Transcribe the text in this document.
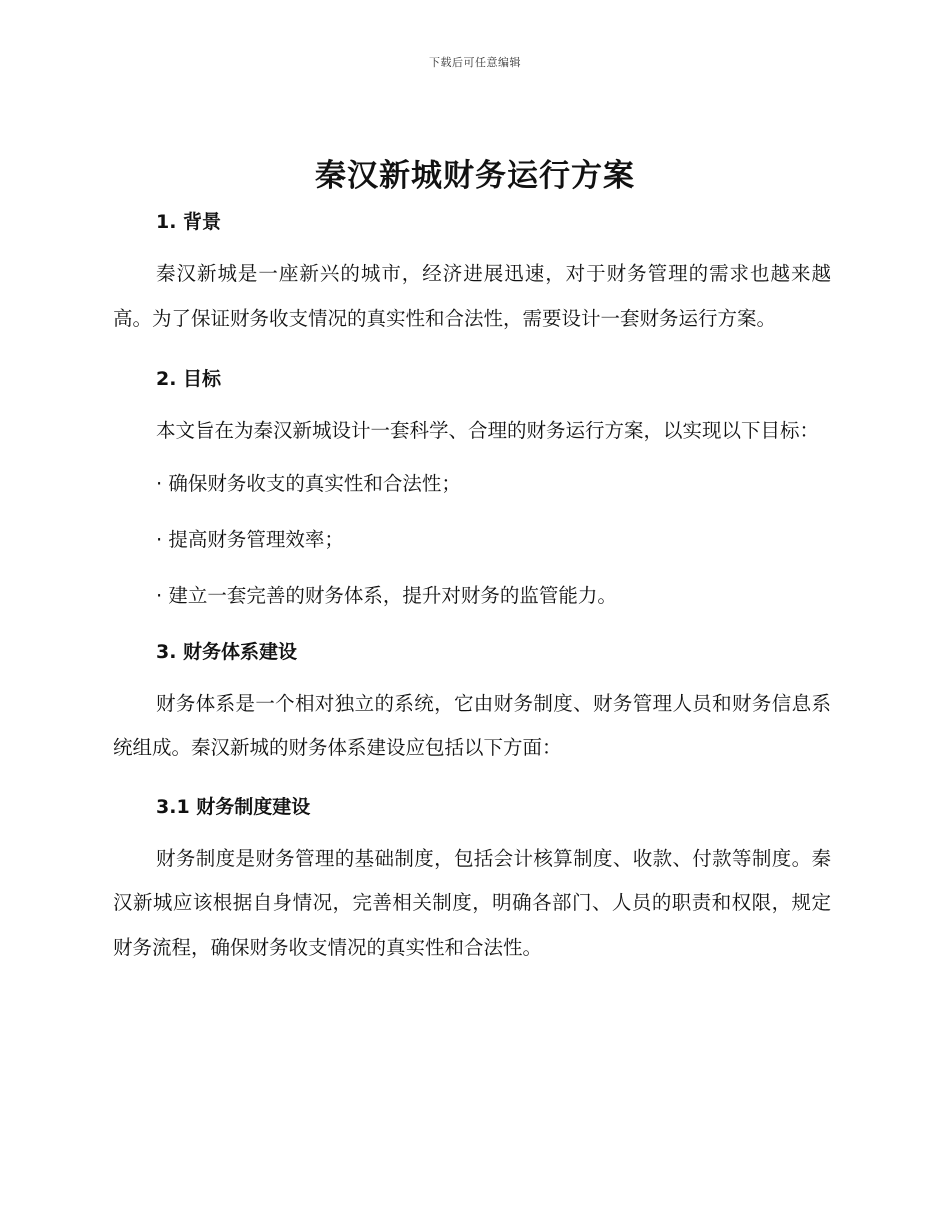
下载后可任意编辑
秦汉新城财务运行方案
1. 背景

秦汉新城是一座新兴的城市，经济进展迅速，对于财务管理的需求也越来越高。为了保证财务收支情况的真实性和合法性，需要设计一套财务运行方案。

2. 目标

本文旨在为秦汉新城设计一套科学、合理的财务运行方案，以实现以下目标：

· 确保财务收支的真实性和合法性；

· 提高财务管理效率；

· 建立一套完善的财务体系，提升对财务的监管能力。

3. 财务体系建设

财务体系是一个相对独立的系统，它由财务制度、财务管理人员和财务信息系统组成。秦汉新城的财务体系建设应包括以下方面：

3.1 财务制度建设

财务制度是财务管理的基础制度，包括会计核算制度、收款、付款等制度。秦汉新城应该根据自身情况，完善相关制度，明确各部门、人员的职责和权限，规定财务流程，确保财务收支情况的真实性和合法性。
